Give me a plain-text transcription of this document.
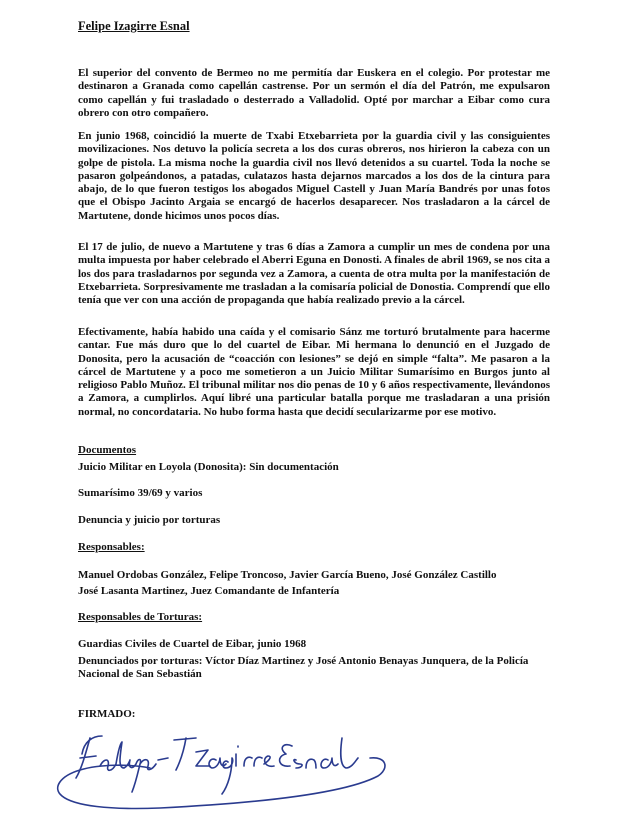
Felipe Izagirre Esnal

El superior del convento de Bermeo no me permitía dar Euskera en el colegio. Por protestar me destinaron a Granada como capellán castrense. Por un sermón el día del Patrón, me expulsaron como capellán y fui trasladado o desterrado a Valladolid. Opté por marchar a Eibar como cura obrero con otro compañero.

En junio 1968, coincidió la muerte de Txabi Etxebarrieta por la guardia civil y las consiguientes movilizaciones. Nos detuvo la policía secreta a los dos curas obreros, nos hirieron la cabeza con un golpe de pistola. La misma noche la guardia civil nos llevó detenidos a su cuartel. Toda la noche se pasaron golpeándonos, a patadas, culatazos hasta dejarnos marcados a los dos de la cintura para abajo, de lo que fueron testigos los abogados Miguel Castell y Juan María Bandrés por unas fotos que el Obispo Jacinto Argaia se encargó de hacerlos desaparecer. Nos trasladaron a la cárcel de Martutene, donde hicimos unos pocos días.

El 17 de julio, de nuevo a Martutene y tras 6 días a Zamora a cumplir un mes de condena por una multa impuesta por haber celebrado el Aberri Eguna en Donosti. A finales de abril 1969, se nos cita a los dos para trasladarnos por segunda vez a Zamora, a cuenta de otra multa por la manifestación de Etxebarrieta. Sorpresivamente me trasladan a la comisaría policial de Donostia. Comprendí que ello tenía que ver con una acción de propaganda que había realizado previo a la cárcel.

Efectivamente, había habido una caída y el comisario Sánz me torturó brutalmente para hacerme cantar. Fue más duro que lo del cuartel de Eibar. Mi hermana lo denunció en el Juzgado de Donosita, pero la acusación de “coacción con lesiones” se dejó en simple “falta”. Me pasaron a la cárcel de Martutene y a poco me sometieron a un Juicio Militar Sumarísimo en Burgos junto al religioso Pablo Muñoz. El tribunal militar nos dio penas de 10 y 6 años respectivamente, llevándonos a Zamora, a cumplirlos. Aquí libré una particular batalla porque me trasladaran a una prisión normal, no concordataria. No hubo forma hasta que decidí secularizarme por ese motivo.

Documentos

Juicio Militar en Loyola (Donosita): Sin documentación

Sumarísimo 39/69 y varios

Denuncia y juicio por torturas

Responsables:

Manuel Ordobas González, Felipe Troncoso, Javier García Bueno, José González Castillo

José Lasanta Martinez, Juez Comandante de Infantería

Responsables de Torturas:

Guardias Civiles de Cuartel de Eibar, junio 1968

Denunciados por torturas: Víctor Díaz Martinez y José Antonio Benayas Junquera, de la Policía Nacional de San Sebastián

FIRMADO:
